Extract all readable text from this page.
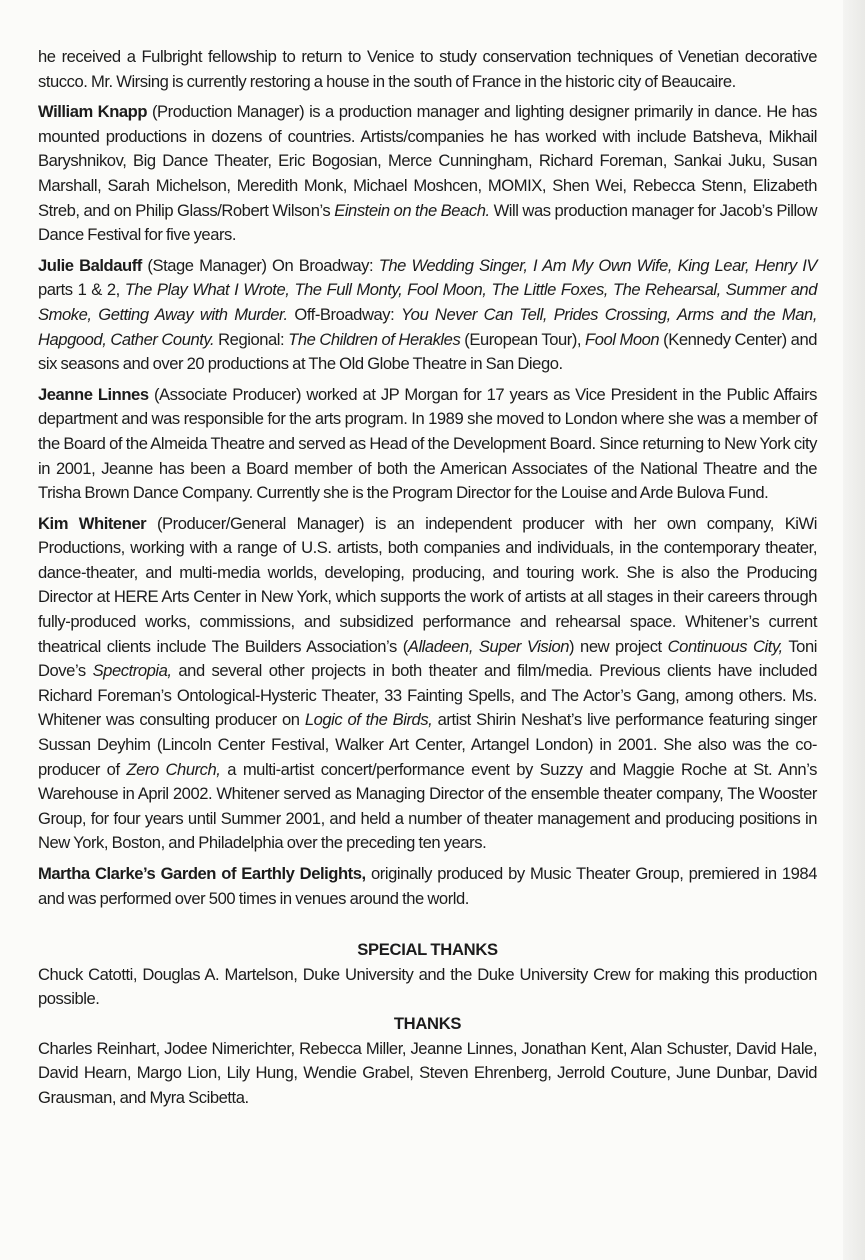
he received a Fulbright fellowship to return to Venice to study conservation techniques of Venetian decorative stucco. Mr. Wirsing is currently restoring a house in the south of France in the historic city of Beaucaire.

William Knapp (Production Manager) is a production manager and lighting designer primarily in dance. He has mounted productions in dozens of countries. Artists/companies he has worked with include Batsheva, Mikhail Baryshnikov, Big Dance Theater, Eric Bogosian, Merce Cunningham, Richard Foreman, Sankai Juku, Susan Marshall, Sarah Michelson, Meredith Monk, Michael Moshcen, MOMIX, Shen Wei, Rebecca Stenn, Elizabeth Streb, and on Philip Glass/Robert Wilson’s Einstein on the Beach. Will was production manager for Jacob’s Pillow Dance Festival for five years.

Julie Baldauff (Stage Manager) On Broadway: The Wedding Singer, I Am My Own Wife, King Lear, Henry IV parts 1 & 2, The Play What I Wrote, The Full Monty, Fool Moon, The Little Foxes, The Rehearsal, Summer and Smoke, Getting Away with Murder. Off-Broadway: You Never Can Tell, Prides Crossing, Arms and the Man, Hapgood, Cather County. Regional: The Children of Herakles (European Tour), Fool Moon (Kennedy Center) and six seasons and over 20 productions at The Old Globe Theatre in San Diego.

Jeanne Linnes (Associate Producer) worked at JP Morgan for 17 years as Vice President in the Public Affairs department and was responsible for the arts program. In 1989 she moved to London where she was a member of the Board of the Almeida Theatre and served as Head of the Development Board. Since returning to New York city in 2001, Jeanne has been a Board member of both the American Associates of the National Theatre and the Trisha Brown Dance Company. Currently she is the Program Director for the Louise and Arde Bulova Fund.

Kim Whitener (Producer/General Manager) is an independent producer with her own company, KiWi Productions, working with a range of U.S. artists, both companies and individuals, in the contemporary theater, dance-theater, and multi-media worlds, developing, producing, and touring work. She is also the Producing Director at HERE Arts Center in New York, which supports the work of artists at all stages in their careers through fully-produced works, commissions, and subsidized performance and rehearsal space. Whitener’s current theatrical clients include The Builders Association’s (Alladeen, Super Vision) new project Continuous City, Toni Dove’s Spectropia, and several other projects in both theater and film/media. Previous clients have included Richard Foreman’s Ontological-Hysteric Theater, 33 Fainting Spells, and The Actor’s Gang, among others. Ms. Whitener was consulting producer on Logic of the Birds, artist Shirin Neshat’s live performance featuring singer Sussan Deyhim (Lincoln Center Festival, Walker Art Center, Artangel London) in 2001. She also was the co-producer of Zero Church, a multi-artist concert/performance event by Suzzy and Maggie Roche at St. Ann’s Warehouse in April 2002. Whitener served as Managing Director of the ensemble theater company, The Wooster Group, for four years until Summer 2001, and held a number of theater management and producing positions in New York, Boston, and Philadelphia over the preceding ten years.

Martha Clarke’s Garden of Earthly Delights, originally produced by Music Theater Group, premiered in 1984 and was performed over 500 times in venues around the world.

SPECIAL THANKS

Chuck Catotti, Douglas A. Martelson, Duke University and the Duke University Crew for making this production possible.

THANKS

Charles Reinhart, Jodee Nimerichter, Rebecca Miller, Jeanne Linnes, Jonathan Kent, Alan Schuster, David Hale, David Hearn, Margo Lion, Lily Hung, Wendie Grabel, Steven Ehrenberg, Jerrold Couture, June Dunbar, David Grausman, and Myra Scibetta.
